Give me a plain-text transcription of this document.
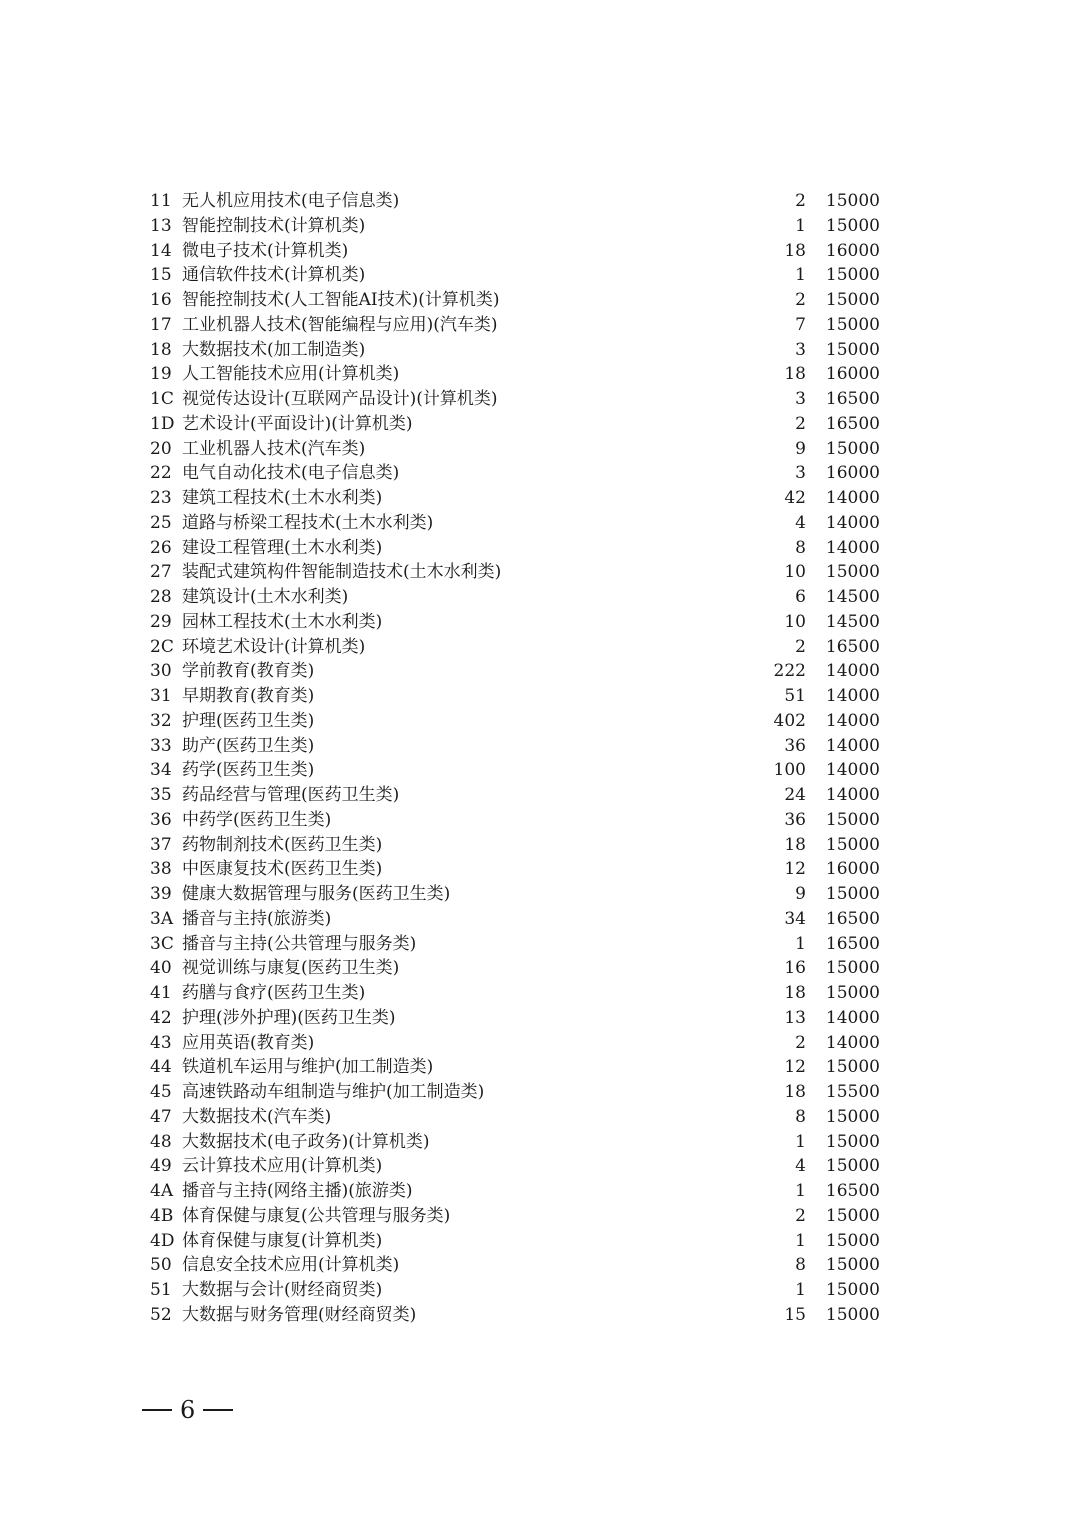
11 无人机应用技术(电子信息类)	2 15000
13 智能控制技术(计算机类)	1 15000
14 微电子技术(计算机类)	18 16000
15 通信软件技术(计算机类)	1 15000
16 智能控制技术(人工智能AI技术)(计算机类)	2 15000
17 工业机器人技术(智能编程与应用)(汽车类)	7 15000
18 大数据技术(加工制造类)	3 15000
19 人工智能技术应用(计算机类)	18 16000
1C 视觉传达设计(互联网产品设计)(计算机类)	3 16500
1D 艺术设计(平面设计)(计算机类)	2 16500
20 工业机器人技术(汽车类)	9 15000
22 电气自动化技术(电子信息类)	3 16000
23 建筑工程技术(土木水利类)	42 14000
25 道路与桥梁工程技术(土木水利类)	4 14000
26 建设工程管理(土木水利类)	8 14000
27 装配式建筑构件智能制造技术(土木水利类)	10 15000
28 建筑设计(土木水利类)	6 14500
29 园林工程技术(土木水利类)	10 14500
2C 环境艺术设计(计算机类)	2 16500
30 学前教育(教育类)	222 14000
31 早期教育(教育类)	51 14000
32 护理(医药卫生类)	402 14000
33 助产(医药卫生类)	36 14000
34 药学(医药卫生类)	100 14000
35 药品经营与管理(医药卫生类)	24 14000
36 中药学(医药卫生类)	36 15000
37 药物制剂技术(医药卫生类)	18 15000
38 中医康复技术(医药卫生类)	12 16000
39 健康大数据管理与服务(医药卫生类)	9 15000
3A 播音与主持(旅游类)	34 16500
3C 播音与主持(公共管理与服务类)	1 16500
40 视觉训练与康复(医药卫生类)	16 15000
41 药膳与食疗(医药卫生类)	18 15000
42 护理(涉外护理)(医药卫生类)	13 14000
43 应用英语(教育类)	2 14000
44 铁道机车运用与维护(加工制造类)	12 15000
45 高速铁路动车组制造与维护(加工制造类)	18 15500
47 大数据技术(汽车类)	8 15000
48 大数据技术(电子政务)(计算机类)	1 15000
49 云计算技术应用(计算机类)	4 15000
4A 播音与主持(网络主播)(旅游类)	1 16500
4B 体育保健与康复(公共管理与服务类)	2 15000
4D 体育保健与康复(计算机类)	1 15000
50 信息安全技术应用(计算机类)	8 15000
51 大数据与会计(财经商贸类)	1 15000
52 大数据与财务管理(财经商贸类)	15 15000
6
